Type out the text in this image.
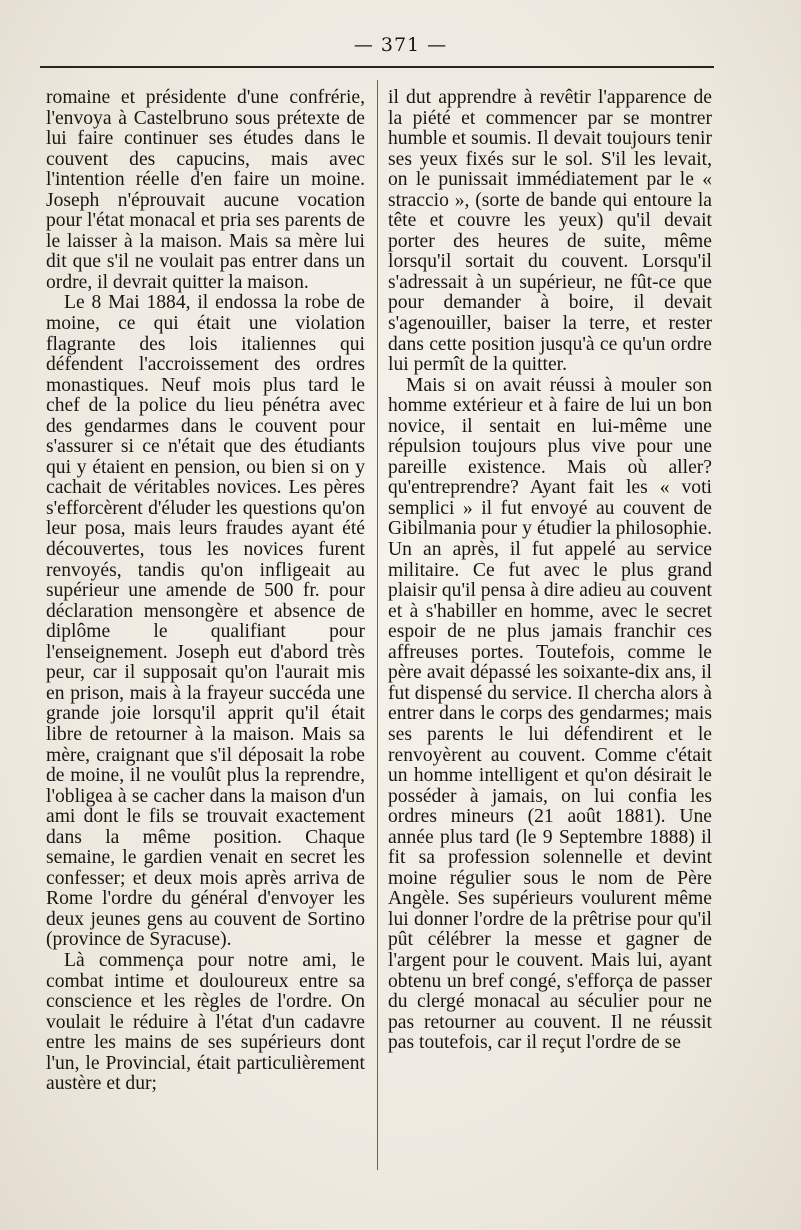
— 371 —

romaine et présidente d'une confrérie, l'envoya à Castelbruno sous prétexte de lui faire continuer ses études dans le couvent des capucins, mais avec l'intention réelle d'en faire un moine. Joseph n'éprouvait aucune vocation pour l'état monacal et pria ses parents de le laisser à la maison. Mais sa mère lui dit que s'il ne voulait pas entrer dans un ordre, il devrait quitter la maison.

Le 8 Mai 1884, il endossa la robe de moine, ce qui était une violation flagrante des lois italiennes qui défendent l'accroissement des ordres monastiques. Neuf mois plus tard le chef de la police du lieu pénétra avec des gendarmes dans le couvent pour s'assurer si ce n'était que des étudiants qui y étaient en pension, ou bien si on y cachait de véritables novices. Les pères s'efforcèrent d'éluder les questions qu'on leur posa, mais leurs fraudes ayant été découvertes, tous les novices furent renvoyés, tandis qu'on infligeait au supérieur une amende de 500 fr. pour déclaration mensongère et absence de diplôme le qualifiant pour l'enseignement. Joseph eut d'abord très peur, car il supposait qu'on l'aurait mis en prison, mais à la frayeur succéda une grande joie lorsqu'il apprit qu'il était libre de retourner à la maison. Mais sa mère, craignant que s'il déposait la robe de moine, il ne voulût plus la reprendre, l'obligea à se cacher dans la maison d'un ami dont le fils se trouvait exactement dans la même position. Chaque semaine, le gardien venait en secret les confesser; et deux mois après arriva de Rome l'ordre du général d'envoyer les deux jeunes gens au couvent de Sortino (province de Syracuse).

Là commença pour notre ami, le combat intime et douloureux entre sa conscience et les règles de l'ordre. On voulait le réduire à l'état d'un cadavre entre les mains de ses supérieurs dont l'un, le Provincial, était particulièrement austère et dur;

il dut apprendre à revêtir l'apparence de la piété et commencer par se montrer humble et soumis. Il devait toujours tenir ses yeux fixés sur le sol. S'il les levait, on le punissait immédiatement par le « straccio », (sorte de bande qui entoure la tête et couvre les yeux) qu'il devait porter des heures de suite, même lorsqu'il sortait du couvent. Lorsqu'il s'adressait à un supérieur, ne fût-ce que pour demander à boire, il devait s'agenouiller, baiser la terre, et rester dans cette position jusqu'à ce qu'un ordre lui permît de la quitter.

Mais si on avait réussi à mouler son homme extérieur et à faire de lui un bon novice, il sentait en lui-même une répulsion toujours plus vive pour une pareille existence. Mais où aller? qu'entreprendre? Ayant fait les « voti semplici » il fut envoyé au couvent de Gibilmania pour y étudier la philosophie. Un an après, il fut appelé au service militaire. Ce fut avec le plus grand plaisir qu'il pensa à dire adieu au couvent et à s'habiller en homme, avec le secret espoir de ne plus jamais franchir ces affreuses portes. Toutefois, comme le père avait dépassé les soixante-dix ans, il fut dispensé du service. Il chercha alors à entrer dans le corps des gendarmes; mais ses parents le lui défendirent et le renvoyèrent au couvent. Comme c'était un homme intelligent et qu'on désirait le posséder à jamais, on lui confia les ordres mineurs (21 août 1881). Une année plus tard (le 9 Septembre 1888) il fit sa profession solennelle et devint moine régulier sous le nom de Père Angèle. Ses supérieurs voulurent même lui donner l'ordre de la prêtrise pour qu'il pût célébrer la messe et gagner de l'argent pour le couvent. Mais lui, ayant obtenu un bref congé, s'efforça de passer du clergé monacal au séculier pour ne pas retourner au couvent. Il ne réussit pas toutefois, car il reçut l'ordre de se
